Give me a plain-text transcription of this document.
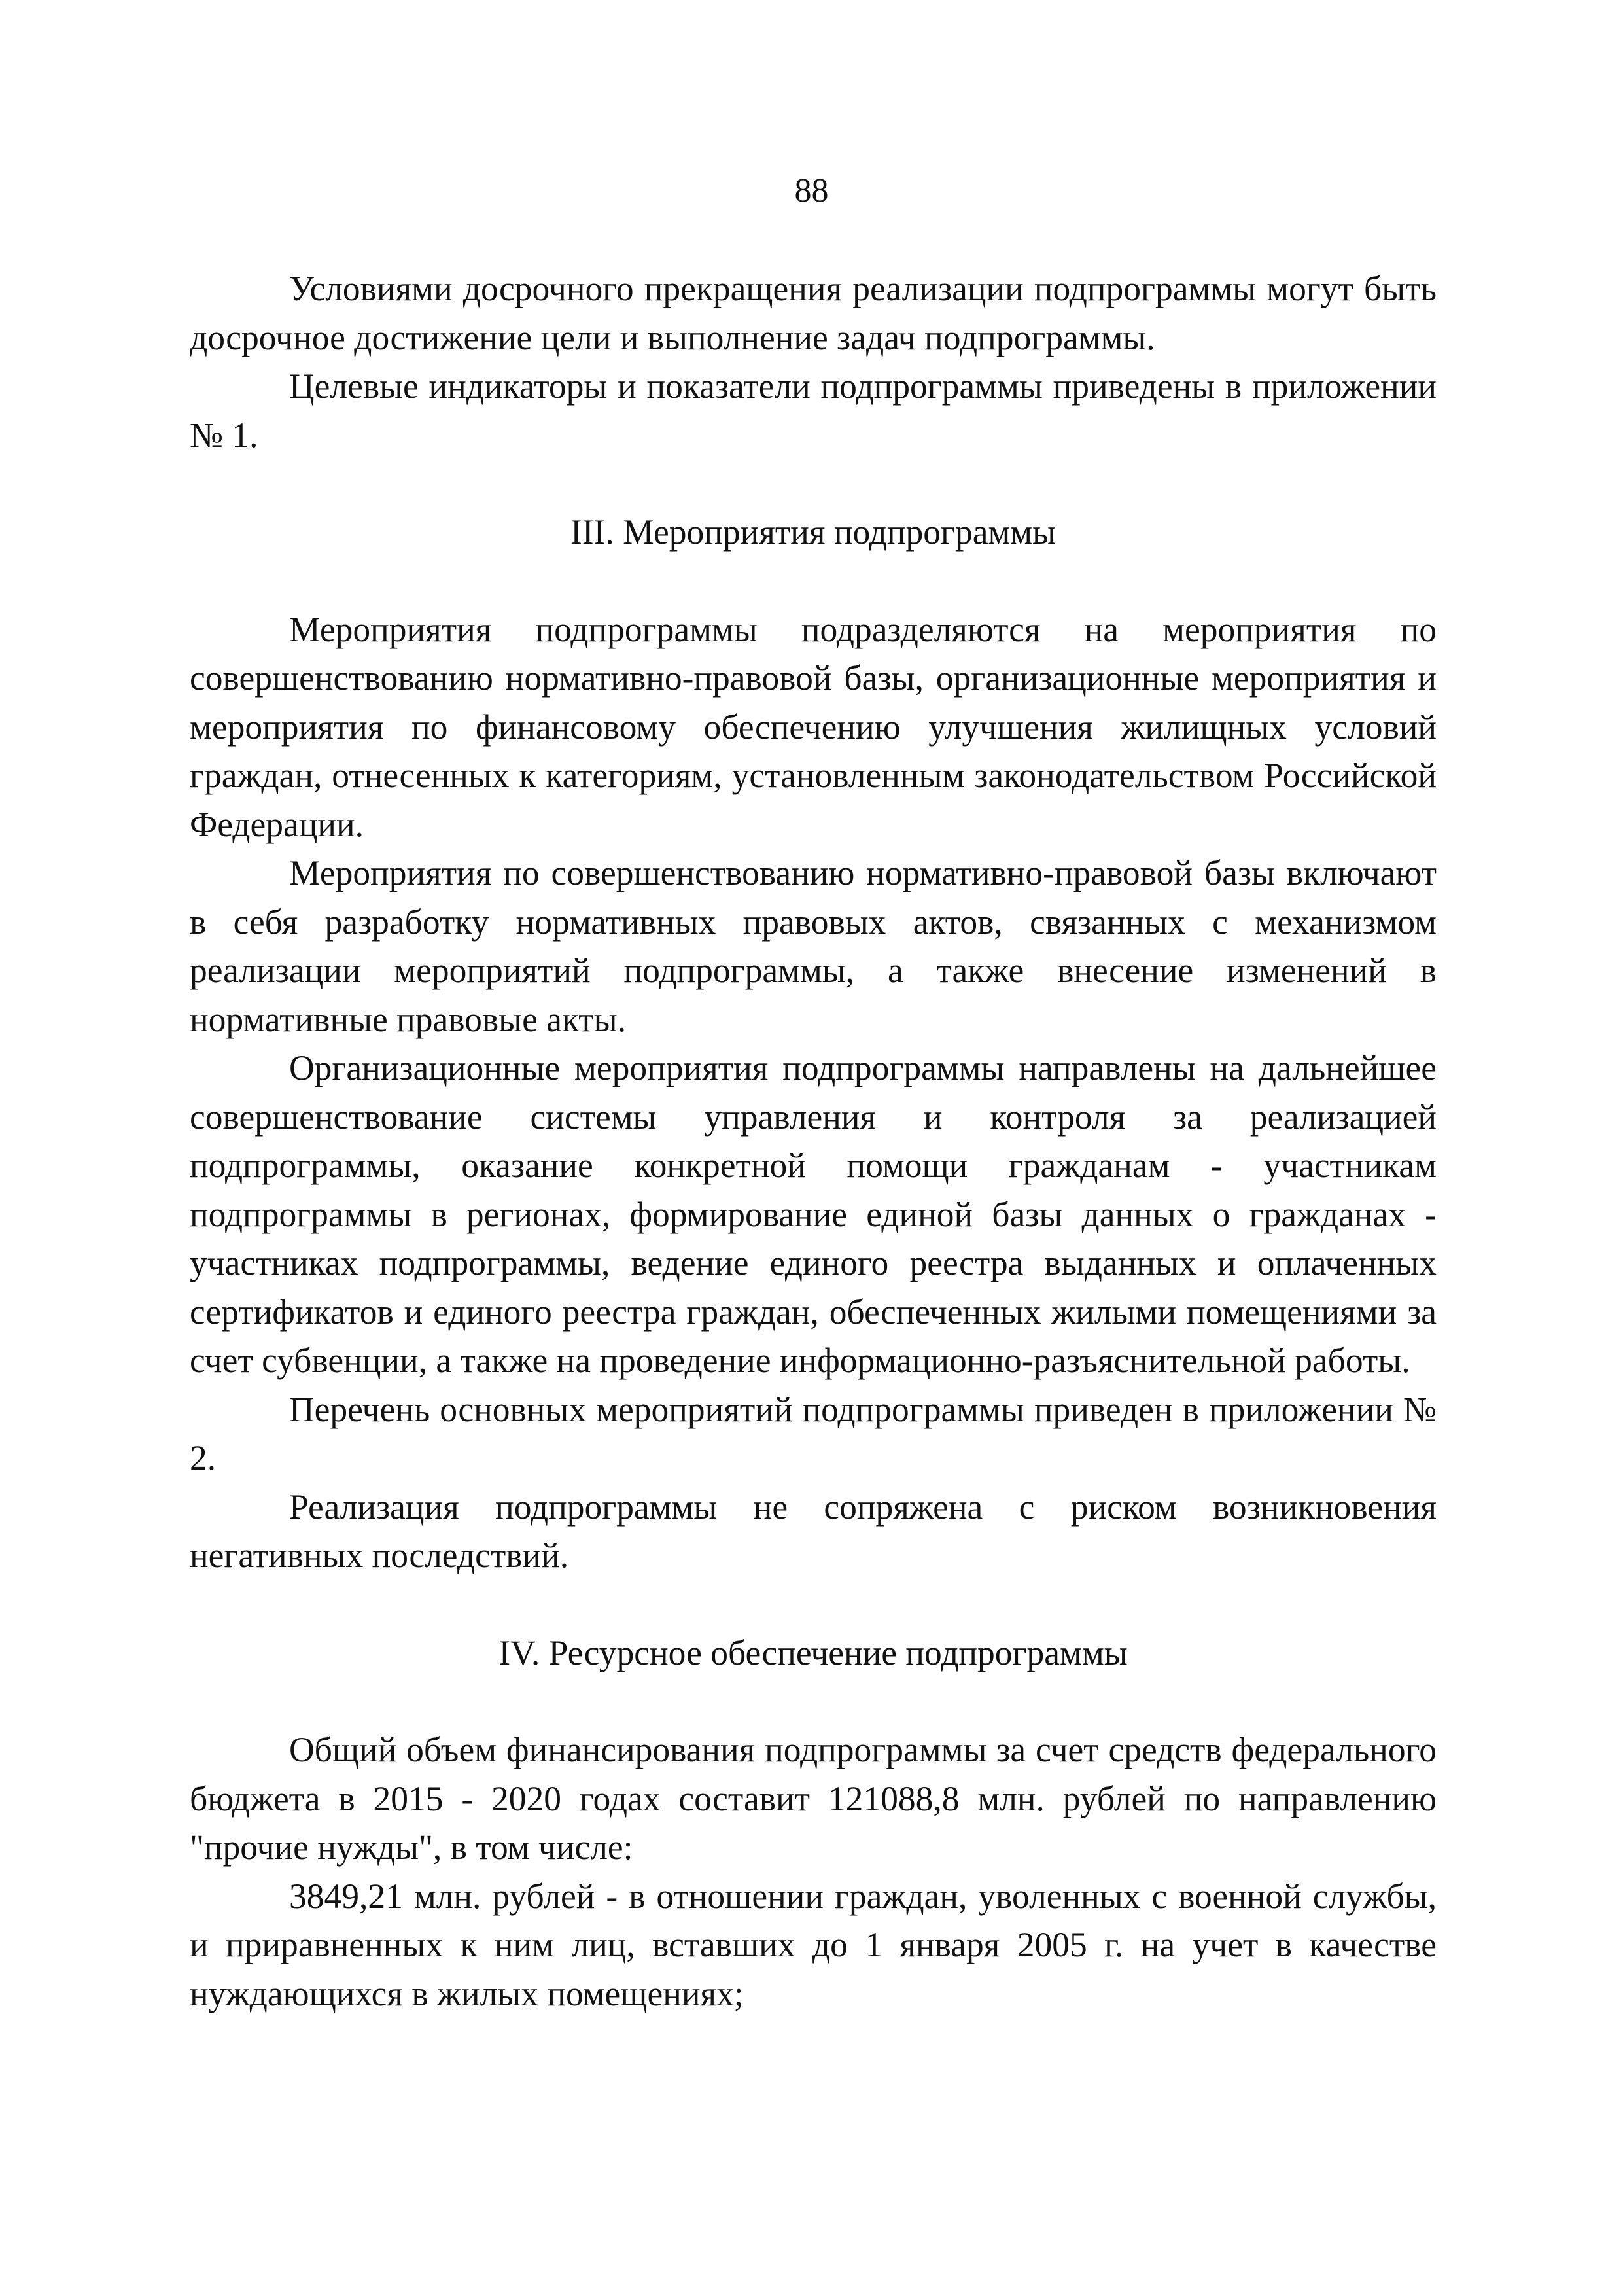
88

Условиями досрочного прекращения реализации подпрограммы могут быть досрочное достижение цели и выполнение задач подпрограммы.

Целевые индикаторы и показатели подпрограммы приведены в приложении № 1.

III. Мероприятия подпрограммы

Мероприятия подпрограммы подразделяются на мероприятия по совершенствованию нормативно-правовой базы, организационные мероприятия и мероприятия по финансовому обеспечению улучшения жилищных условий граждан, отнесенных к категориям, установленным законодательством Российской Федерации.

Мероприятия по совершенствованию нормативно-правовой базы включают в себя разработку нормативных правовых актов, связанных с механизмом реализации мероприятий подпрограммы, а также внесение изменений в нормативные правовые акты.

Организационные мероприятия подпрограммы направлены на дальнейшее совершенствование системы управления и контроля за реализацией подпрограммы, оказание конкретной помощи гражданам - участникам подпрограммы в регионах, формирование единой базы данных о гражданах - участниках подпрограммы, ведение единого реестра выданных и оплаченных сертификатов и единого реестра граждан, обеспеченных жилыми помещениями за счет субвенции, а также на проведение информационно-разъяснительной работы.

Перечень основных мероприятий подпрограммы приведен в приложении № 2.

Реализация подпрограммы не сопряжена с риском возникновения негативных последствий.

IV. Ресурсное обеспечение подпрограммы

Общий объем финансирования подпрограммы за счет средств федерального бюджета в 2015 - 2020 годах составит 121088,8 млн. рублей по направлению "прочие нужды", в том числе:

3849,21 млн. рублей - в отношении граждан, уволенных с военной службы, и приравненных к ним лиц, вставших до 1 января 2005 г. на учет в качестве нуждающихся в жилых помещениях;
